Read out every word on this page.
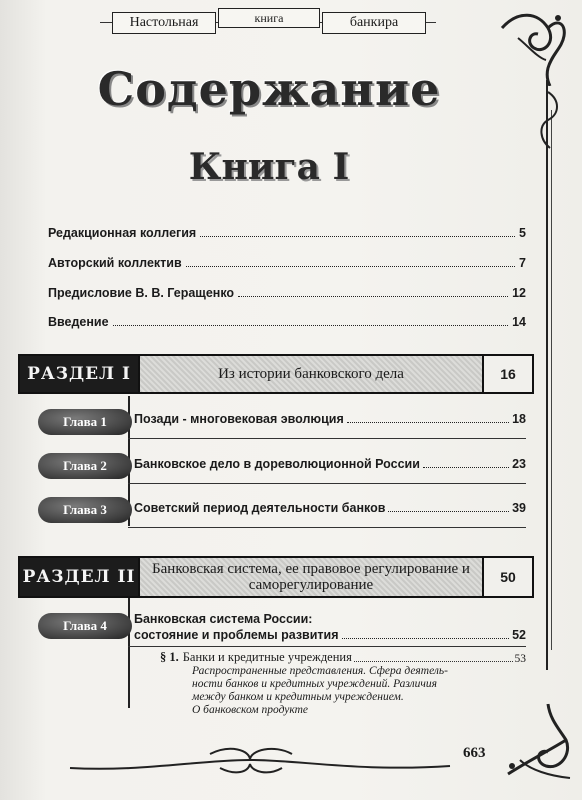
Настольная	книга	банкира
Содержание
Книга I
Редакционная коллегия	5
Авторский коллектив	7
Предисловие В. В. Геращенко	12
Введение	14
РАЗДЕЛ I	Из истории банковского дела	16
Глава 1	Позади - многовековая эволюция	18
Глава 2	Банковское дело в дореволюционной России	23
Глава 3	Советский период деятельности банков	39
РАЗДЕЛ II	Банковская система, ее правовое регулирование и саморегулирование	50
Глава 4	Банковская система России:
состояние и проблемы развития	52
§ 1. Банки и кредитные учреждения	53
Распространенные представления. Сфера деятель-
ности банков и кредитных учреждений. Различия
между банком и кредитным учреждением.
О банковском продукте
663
